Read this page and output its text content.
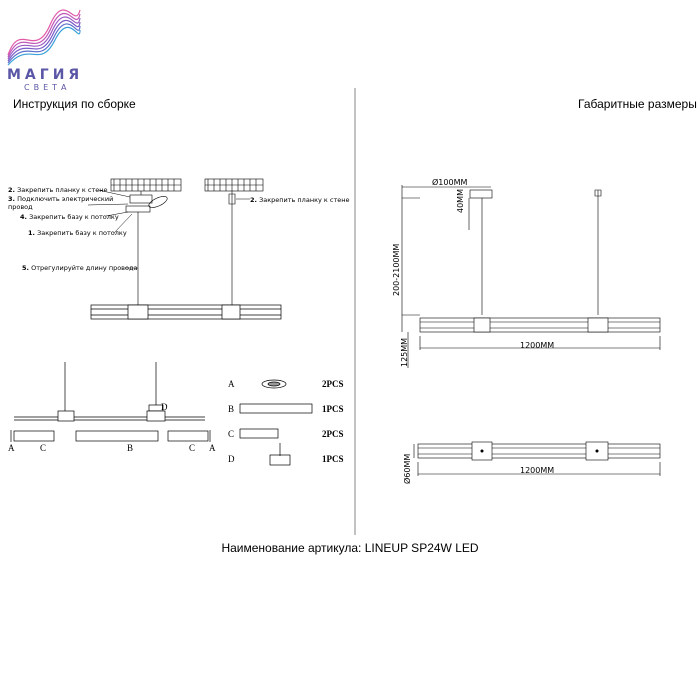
МАГИЯ
СВЕТА
Инструкция по сборке	Габаритные размеры
2. Закрепить планку к стене
3. Подключить электрический провод
4. Закрепить базу к потолку
1. Закрепить базу к потолку
5. Отрегулируйте длину провода
2. Закрепить планку к стене
A	C	B	C A
D
A	2PCS
B	1PCS
C	2PCS
D	1PCS
Ø100MM
40MM
200-2100MM
125MM	1200MM
1200MM
Ø60MM
Наименование артикула: LINEUP SP24W LED
